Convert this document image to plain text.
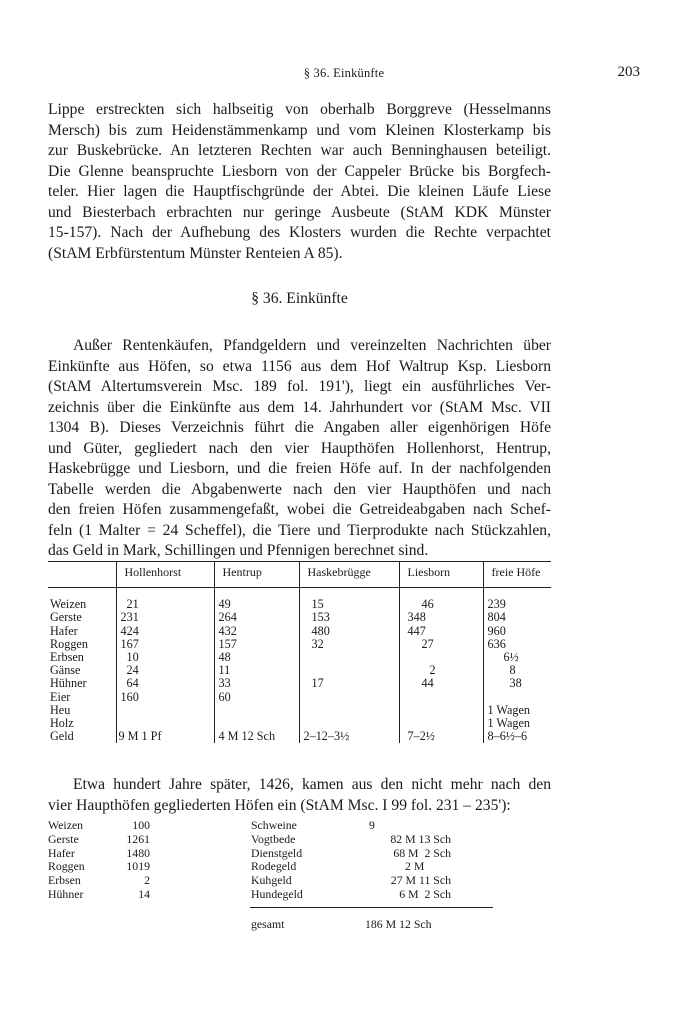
§ 36. Einkünfte	203
Lippe erstreckten sich halbseitig von oberhalb Borggreve (Hesselmanns
Mersch) bis zum Heidenstämmenkamp und vom Kleinen Klosterkamp bis
zur Buskebrücke. An letzteren Rechten war auch Benninghausen beteiligt.
Die Glenne beanspruchte Liesborn von der Cappeler Brücke bis Borgfech-
teler. Hier lagen die Hauptfischgründe der Abtei. Die kleinen Läufe Liese
und Biesterbach erbrachten nur geringe Ausbeute (StAM KDK Münster
15-157). Nach der Aufhebung des Klosters wurden die Rechte verpachtet
(StAM Erbfürstentum Münster Renteien A 85).
§ 36. Einkünfte
Außer Rentenkäufen, Pfandgeldern und vereinzelten Nachrichten über
Einkünfte aus Höfen, so etwa 1156 aus dem Hof Waltrup Ksp. Liesborn
(StAM Altertumsverein Msc. 189 fol. 191'), liegt ein ausführliches Ver-
zeichnis über die Einkünfte aus dem 14. Jahrhundert vor (StAM Msc. VII
1304 B). Dieses Verzeichnis führt die Angaben aller eigenhörigen Höfe
und Güter, gegliedert nach den vier Haupthöfen Hollenhorst, Hentrup,
Haskebrügge und Liesborn, und die freien Höfe auf. In der nachfolgenden
Tabelle werden die Abgabenwerte nach den vier Haupthöfen und nach
den freien Höfen zusammengefaßt, wobei die Getreideabgaben nach Schef-
feln (1 Malter = 24 Scheffel), die Tiere und Tierprodukte nach Stückzahlen,
das Geld in Mark, Schillingen und Pfennigen berechnet sind.
	Hollenhorst	Hentrup	Haskebrügge	Liesborn	freie Höfe

Weizen	21	49	15	46	239
Gerste	231	264	153	348	804
Hafer	424	432	480	447	960
Roggen	167	157	32	27	636
Erbsen	10	48			6½
Gänse	24	11		2	8
Hühner	64	33	17	44	38
Eier	160	60			
Heu					1 Wagen
Holz					1 Wagen
Geld	9 M 1 Pf	4 M 12 Sch	2–12–3½	7–2½	8–6½–6
Etwa hundert Jahre später, 1426, kamen aus den nicht mehr nach den
vier Haupthöfen gegliederten Höfen ein (StAM Msc. I 99 fol. 231 – 235'):
Weizen	100
Gerste	1261
Hafer	1480
Roggen	1019
Erbsen	2
Hühner	14
Schweine	9
Vogtbede	82 M 13 Sch
Dienstgeld	68 M  2 Sch
Rodegeld	2 M
Kuhgeld	27 M 11 Sch
Hundegeld	6 M  2 Sch
gesamt	186 M 12 Sch
